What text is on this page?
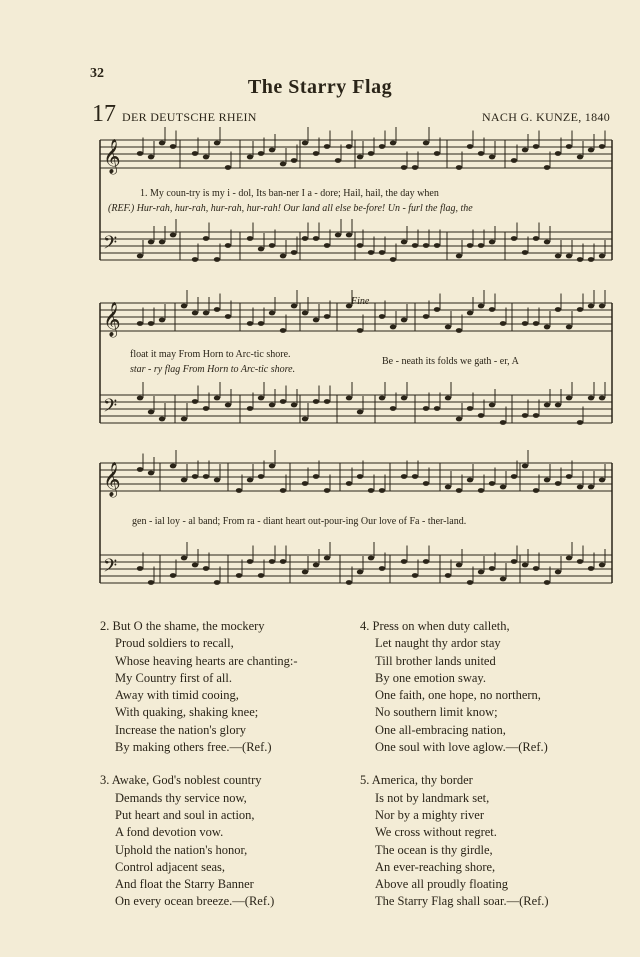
32
The Starry Flag
17 DER DEUTSCHE RHEIN	NACH G. KUNZE, 1840
𝄞
𝄢
𝄞
𝄢
𝄞
𝄢
1. My coun-try is my i - dol, Its ban-ner I a - dore; Hail, hail, the day when
(REF.) Hur-rah, hur-rah, hur-rah, hur-rah! Our land all else be-fore! Un - furl the flag, the
Fine
float it may From Horn to Arc-tic shore.
Be - neath its folds we gath - er, A
star - ry flag From Horn to Arc-tic shore.
gen - ial loy - al band; From ra - diant heart out-pour-ing Our love of Fa - ther-land.
2. But O the shame, the mockery
Proud soldiers to recall,
Whose heaving hearts are chanting:-
My Country first of all.
Away with timid cooing,
With quaking, shaking knee;
Increase the nation's glory
By making others free.—(Ref.)
3. Awake, God's noblest country
Demands thy service now,
Put heart and soul in action,
A fond devotion vow.
Uphold the nation's honor,
Control adjacent seas,
And float the Starry Banner
On every ocean breeze.—(Ref.)
4. Press on when duty calleth,
Let naught thy ardor stay
Till brother lands united
By one emotion sway.
One faith, one hope, no northern,
No southern limit know;
One all-embracing nation,
One soul with love aglow.—(Ref.)
5. America, thy border
Is not by landmark set,
Nor by a mighty river
We cross without regret.
The ocean is thy girdle,
An ever-reaching shore,
Above all proudly floating
The Starry Flag shall soar.—(Ref.)
